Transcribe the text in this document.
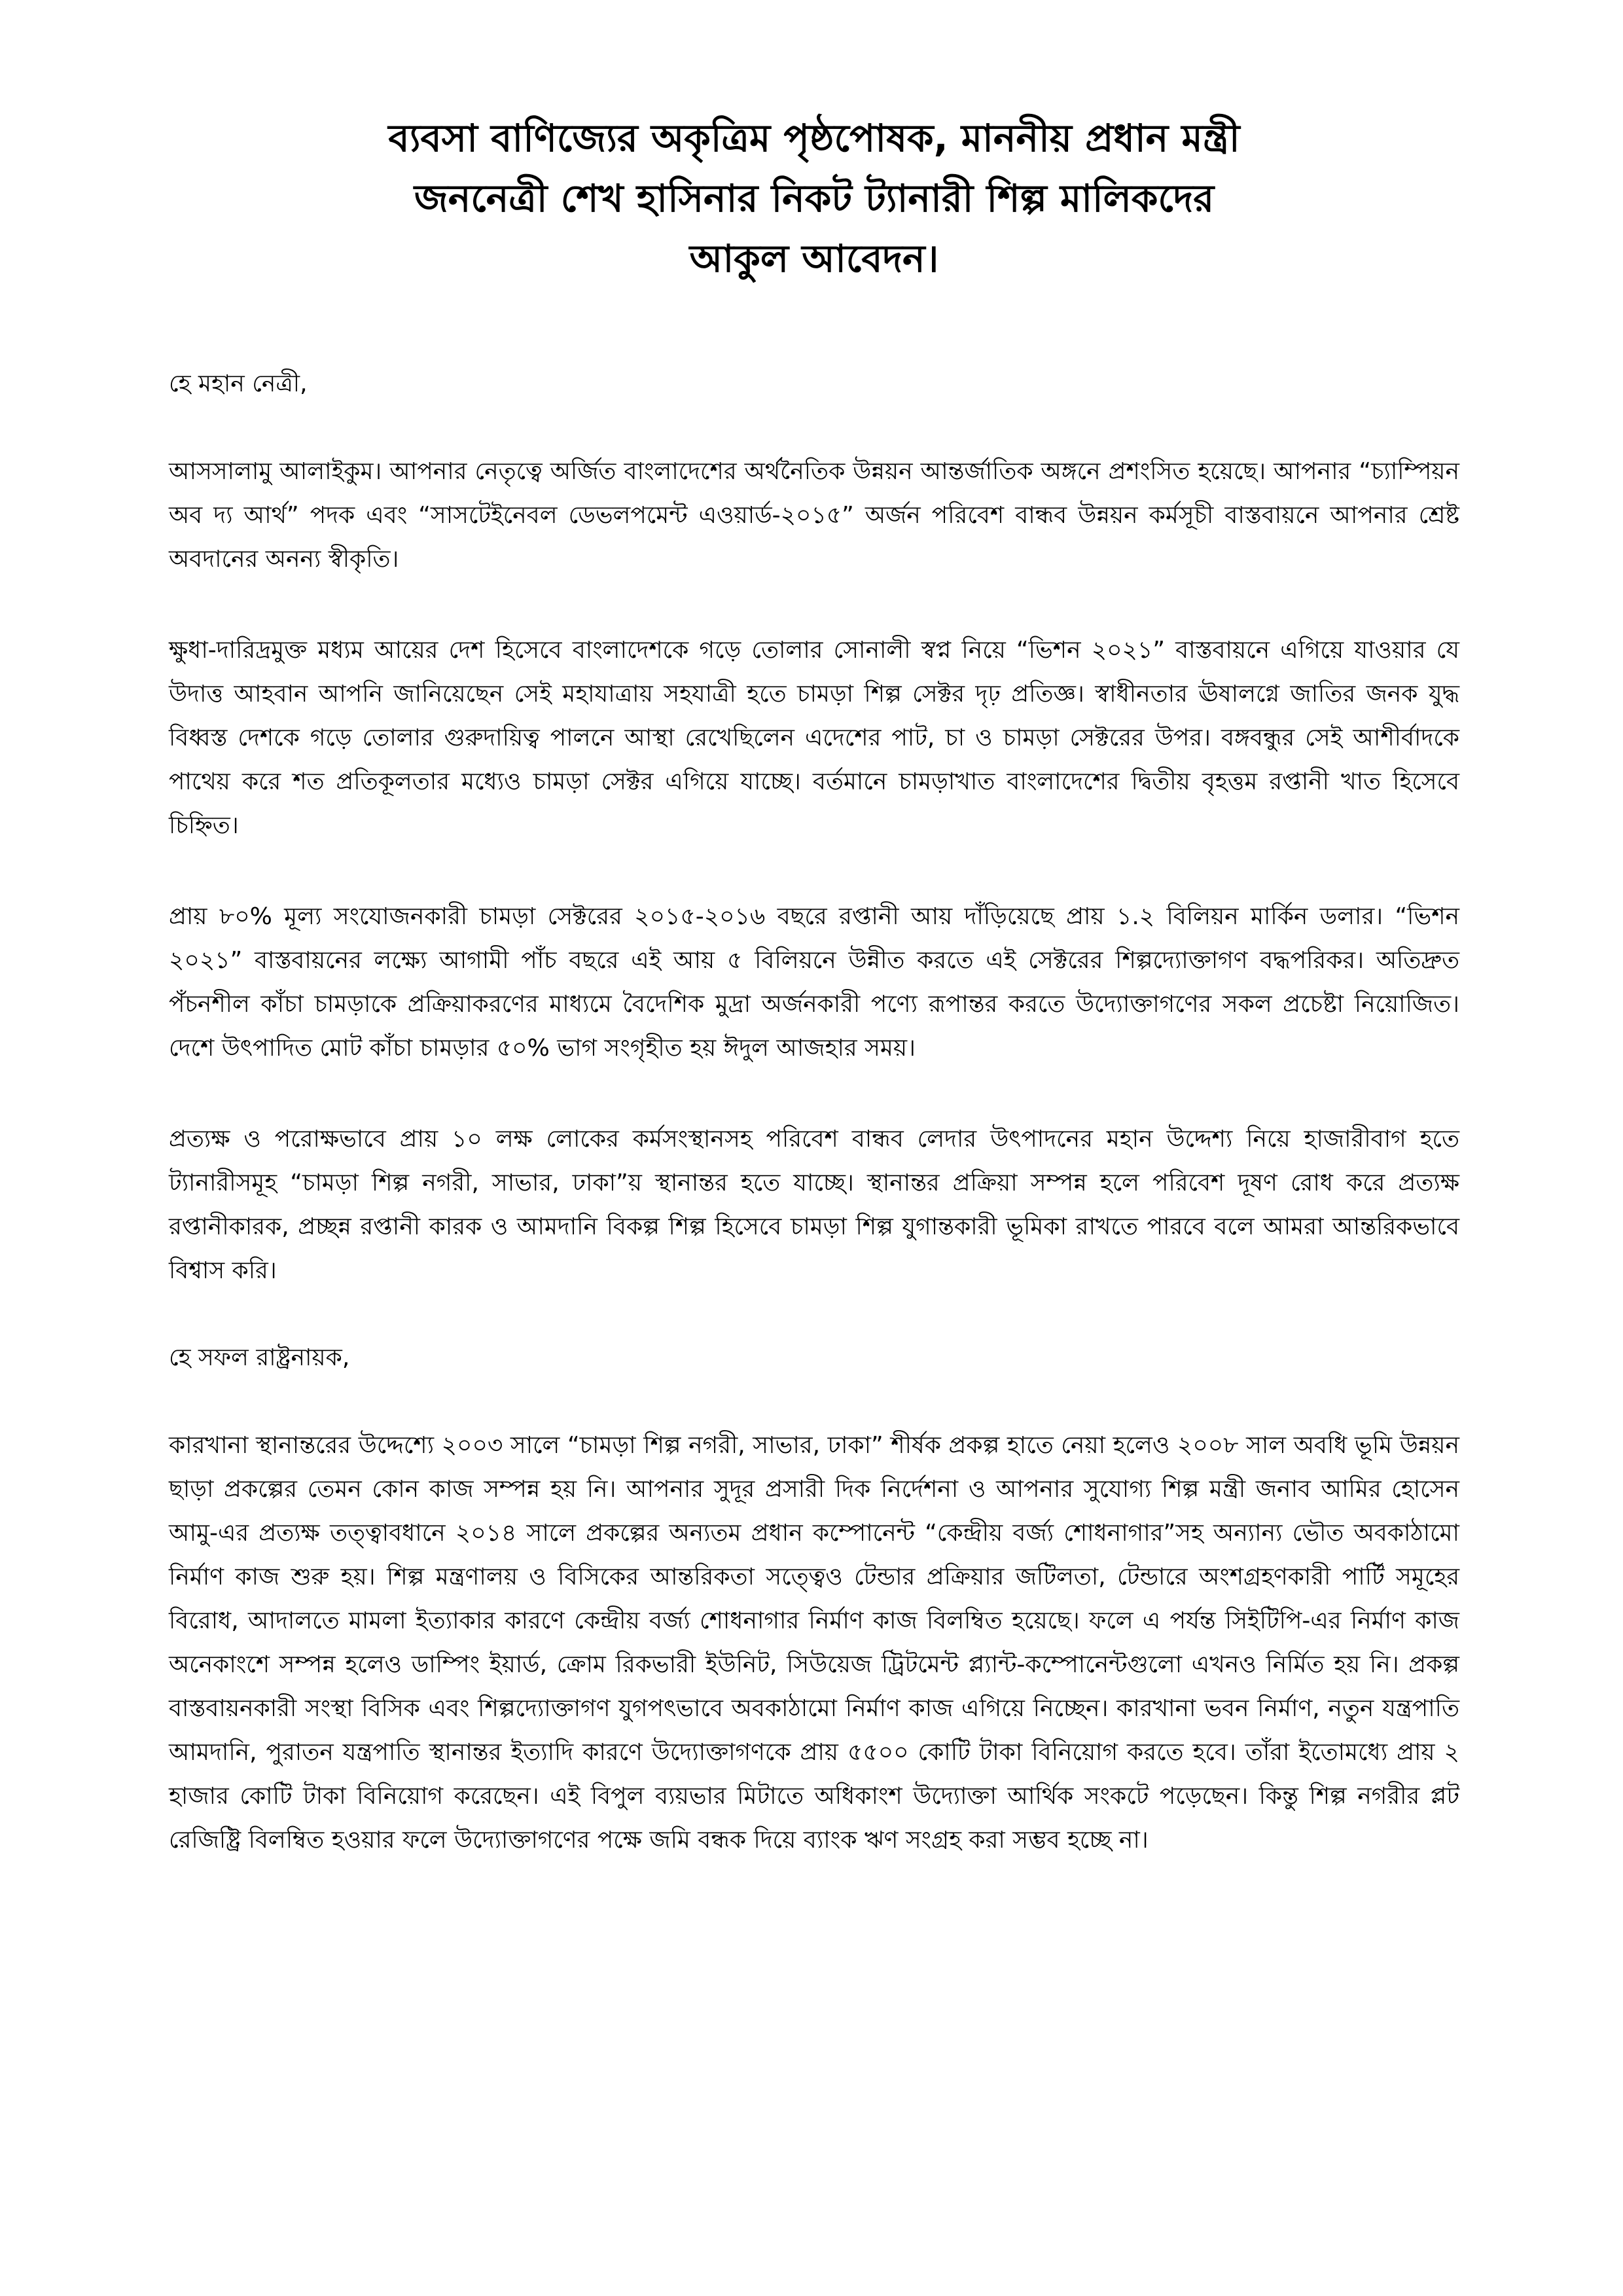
ব্যবসা বাণিজ্যের অকৃত্রিম পৃষ্ঠপোষক, মাননীয় প্রধান মন্ত্রী
জননেত্রী শেখ হাসিনার নিকট ট্যানারী শিল্প মালিকদের
আকুল আবেদন।

হে মহান নেত্রী,

আসসালামু আলাইকুম। আপনার নেতৃত্বে অর্জিত বাংলাদেশের অর্থনৈতিক উন্নয়ন আন্তর্জাতিক অঙ্গনে প্রশংসিত হয়েছে। আপনার “চ্যাম্পিয়ন অব দ্য আর্থ” পদক এবং “সাসটেইনেবল ডেভলপমেন্ট এওয়ার্ড-২০১৫” অর্জন পরিবেশ বান্ধব উন্নয়ন কর্মসূচী বাস্তবায়নে আপনার শ্রেষ্ট অবদানের অনন্য স্বীকৃতি।

ক্ষুধা-দারিদ্রমুক্ত মধ্যম আয়ের দেশ হিসেবে বাংলাদেশকে গড়ে তোলার সোনালী স্বপ্ন নিয়ে “ভিশন ২০২১” বাস্তবায়নে এগিয়ে যাওয়ার যে উদাত্ত আহবান আপনি জানিয়েছেন সেই মহাযাত্রায় সহযাত্রী হতে চামড়া শিল্প সেক্টর দৃঢ় প্রতিজ্ঞ। স্বাধীনতার ঊষালগ্নে জাতির জনক যুদ্ধ বিধ্বস্ত দেশকে গড়ে তোলার গুরুদায়িত্ব পালনে আস্থা রেখেছিলেন এদেশের পাট, চা ও চামড়া সেক্টরের উপর। বঙ্গবন্ধুর সেই আশীর্বাদকে পাথেয় করে শত প্রতিকূলতার মধ্যেও চামড়া সেক্টর এগিয়ে যাচ্ছে। বর্তমানে চামড়াখাত বাংলাদেশের দ্বিতীয় বৃহত্তম রপ্তানী খাত হিসেবে চিহ্নিত।

প্রায় ৮০% মূল্য সংযোজনকারী চামড়া সেক্টরের ২০১৫-২০১৬ বছরে রপ্তানী আয় দাঁড়িয়েছে প্রায় ১.২ বিলিয়ন মার্কিন ডলার। “ভিশন ২০২১” বাস্তবায়নের লক্ষ্যে আগামী পাঁচ বছরে এই আয় ৫ বিলিয়নে উন্নীত করতে এই সেক্টরের শিল্পদ্যোক্তাগণ বদ্ধপরিকর। অতিদ্রুত পঁচনশীল কাঁচা চামড়াকে প্রক্রিয়াকরণের মাধ্যমে বৈদেশিক মুদ্রা অর্জনকারী পণ্যে রূপান্তর করতে উদ্যোক্তাগণের সকল প্রচেষ্টা নিয়োজিত। দেশে উৎপাদিত মোট কাঁচা চামড়ার ৫০% ভাগ সংগৃহীত হয় ঈদুল আজহার সময়।

প্রত্যক্ষ ও পরোক্ষভাবে প্রায় ১০ লক্ষ লোকের কর্মসংস্থানসহ পরিবেশ বান্ধব লেদার উৎপাদনের মহান উদ্দেশ্য নিয়ে হাজারীবাগ হতে ট্যানারীসমূহ “চামড়া শিল্প নগরী, সাভার, ঢাকা”য় স্থানান্তর হতে যাচ্ছে। স্থানান্তর প্রক্রিয়া সম্পন্ন হলে পরিবেশ দূষণ রোধ করে প্রত্যক্ষ রপ্তানীকারক, প্রচ্ছন্ন রপ্তানী কারক ও আমদানি বিকল্প শিল্প হিসেবে চামড়া শিল্প যুগান্তকারী ভূমিকা রাখতে পারবে বলে আমরা আন্তরিকভাবে বিশ্বাস করি।

হে সফল রাষ্ট্রনায়ক,

কারখানা স্থানান্তরের উদ্দেশ্যে ২০০৩ সালে “চামড়া শিল্প নগরী, সাভার, ঢাকা” শীর্ষক প্রকল্প হাতে নেয়া হলেও ২০০৮ সাল অবধি ভূমি উন্নয়ন ছাড়া প্রকল্পের তেমন কোন কাজ সম্পন্ন হয় নি। আপনার সুদূর প্রসারী দিক নির্দেশনা ও আপনার সুযোগ্য শিল্প মন্ত্রী জনাব আমির হোসেন আমু-এর প্রত্যক্ষ তত্ত্বাবধানে ২০১৪ সালে প্রকল্পের অন্যতম প্রধান কম্পোনেন্ট “কেন্দ্রীয় বর্জ্য শোধনাগার”সহ অন্যান্য ভৌত অবকাঠামো নির্মাণ কাজ শুরু হয়। শিল্প মন্ত্রণালয় ও বিসিকের আন্তরিকতা সত্ত্বেও টেন্ডার প্রক্রিয়ার জটিলতা, টেন্ডারে অংশগ্রহণকারী পার্টি সমূহের বিরোধ, আদালতে মামলা ইত্যাকার কারণে কেন্দ্রীয় বর্জ্য শোধনাগার নির্মাণ কাজ বিলম্বিত হয়েছে। ফলে এ পর্যন্ত সিইটিপি-এর নির্মাণ কাজ অনেকাংশে সম্পন্ন হলেও ডাম্পিং ইয়ার্ড, ক্রোম রিকভারী ইউনিট, সিউয়েজ ট্রিটমেন্ট প্ল্যান্ট-কম্পোনেন্টগুলো এখনও নির্মিত হয় নি। প্রকল্প বাস্তবায়নকারী সংস্থা বিসিক এবং শিল্পদ্যোক্তাগণ যুগপৎভাবে অবকাঠামো নির্মাণ কাজ এগিয়ে নিচ্ছেন। কারখানা ভবন নির্মাণ, নতুন যন্ত্রপাতি আমদানি, পুরাতন যন্ত্রপাতি স্থানান্তর ইত্যাদি কারণে উদ্যোক্তাগণকে প্রায় ৫৫০০ কোটি টাকা বিনিয়োগ করতে হবে। তাঁরা ইতোমধ্যে প্রায় ২ হাজার কোটি টাকা বিনিয়োগ করেছেন। এই বিপুল ব্যয়ভার মিটাতে অধিকাংশ উদ্যোক্তা আর্থিক সংকটে পড়েছেন। কিন্তু শিল্প নগরীর প্লট রেজিষ্ট্রি বিলম্বিত হওয়ার ফলে উদ্যোক্তাগণের পক্ষে জমি বন্ধক দিয়ে ব্যাংক ঋণ সংগ্রহ করা সম্ভব হচ্ছে না।
